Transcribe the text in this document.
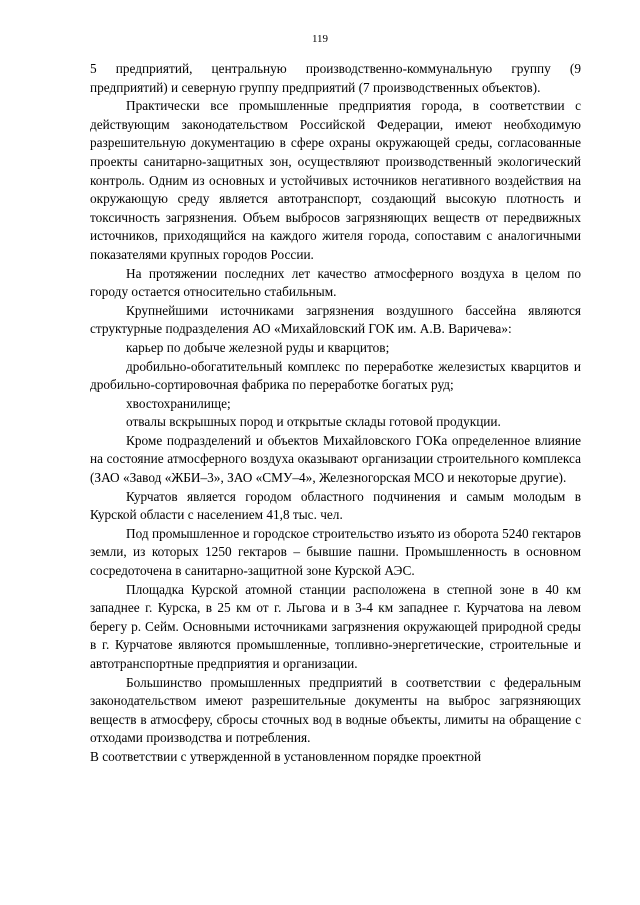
119

5 предприятий, центральную производственно-коммунальную группу (9 предприятий) и северную группу предприятий (7 производственных объектов).

Практически все промышленные предприятия города, в соответствии с действующим законодательством Российской Федерации, имеют необходимую разрешительную документацию в сфере охраны окружающей среды, согласованные проекты санитарно-защитных зон, осуществляют производственный экологический контроль. Одним из основных и устойчивых источников негативного воздействия на окружающую среду является автотранспорт, создающий высокую плотность и токсичность загрязнения. Объем выбросов загрязняющих веществ от передвижных источников, приходящийся на каждого жителя города, сопоставим с аналогичными показателями крупных городов России.

На протяжении последних лет качество атмосферного воздуха в целом по городу остается относительно стабильным.

Крупнейшими источниками загрязнения воздушного бассейна являются структурные подразделения АО «Михайловский ГОК им. А.В. Варичева»:

карьер по добыче железной руды и кварцитов;

дробильно-обогатительный комплекс по переработке железистых кварцитов и дробильно-сортировочная фабрика по переработке богатых руд;

хвостохранилище;

отвалы вскрышных пород и открытые склады готовой продукции.

Кроме подразделений и объектов Михайловского ГОКа определенное влияние на состояние атмосферного воздуха оказывают организации строительного комплекса (ЗАО «Завод «ЖБИ–3», ЗАО «СМУ–4», Железногорская МСО и некоторые другие).

Курчатов является городом областного подчинения и самым молодым в Курской области с населением 41,8 тыс. чел.

Под промышленное и городское строительство изъято из оборота 5240 гектаров земли, из которых 1250 гектаров – бывшие пашни. Промышленность в основном сосредоточена в санитарно-защитной зоне Курской АЭС.

Площадка Курской атомной станции расположена в степной зоне в 40 км западнее г. Курска, в 25 км от г. Льгова и в 3-4 км западнее г. Курчатова на левом берегу р. Сейм. Основными источниками загрязнения окружающей природной среды в г. Курчатове являются промышленные, топливно-энергетические, строительные и автотранспортные предприятия и организации.

Большинство промышленных предприятий в соответствии с федеральным законодательством имеют разрешительные документы на выброс загрязняющих веществ в атмосферу, сбросы сточных вод в водные объекты, лимиты на обращение с отходами производства и потребления.

В соответствии с утвержденной в установленном порядке проектной
